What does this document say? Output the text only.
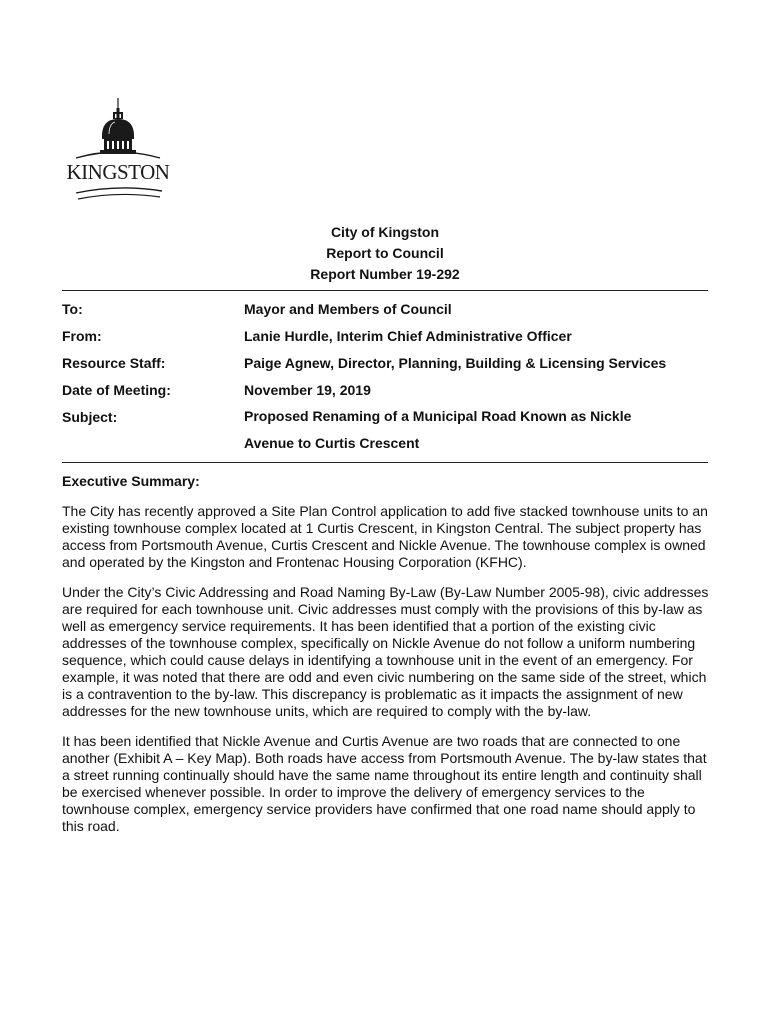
KINGSTON
City of Kingston
Report to Council
Report Number 19-292
To:	Mayor and Members of Council
From:	Lanie Hurdle, Interim Chief Administrative Officer
Resource Staff:	Paige Agnew, Director, Planning, Building & Licensing Services
Date of Meeting:	November 19, 2019
Subject:	Proposed Renaming of a Municipal Road Known as Nickle Avenue to Curtis Crescent
Executive Summary:

The City has recently approved a Site Plan Control application to add five stacked townhouse units to an existing townhouse complex located at 1 Curtis Crescent, in Kingston Central. The subject property has access from Portsmouth Avenue, Curtis Crescent and Nickle Avenue. The townhouse complex is owned and operated by the Kingston and Frontenac Housing Corporation (KFHC).

Under the City’s Civic Addressing and Road Naming By-Law (By-Law Number 2005-98), civic addresses are required for each townhouse unit. Civic addresses must comply with the provisions of this by-law as well as emergency service requirements. It has been identified that a portion of the existing civic addresses of the townhouse complex, specifically on Nickle Avenue do not follow a uniform numbering sequence, which could cause delays in identifying a townhouse unit in the event of an emergency. For example, it was noted that there are odd and even civic numbering on the same side of the street, which is a contravention to the by-law. This discrepancy is problematic as it impacts the assignment of new addresses for the new townhouse units, which are required to comply with the by-law.

It has been identified that Nickle Avenue and Curtis Avenue are two roads that are connected to one another (Exhibit A – Key Map). Both roads have access from Portsmouth Avenue. The by-law states that a street running continually should have the same name throughout its entire length and continuity shall be exercised whenever possible. In order to improve the delivery of emergency services to the townhouse complex, emergency service providers have confirmed that one road name should apply to this road.
